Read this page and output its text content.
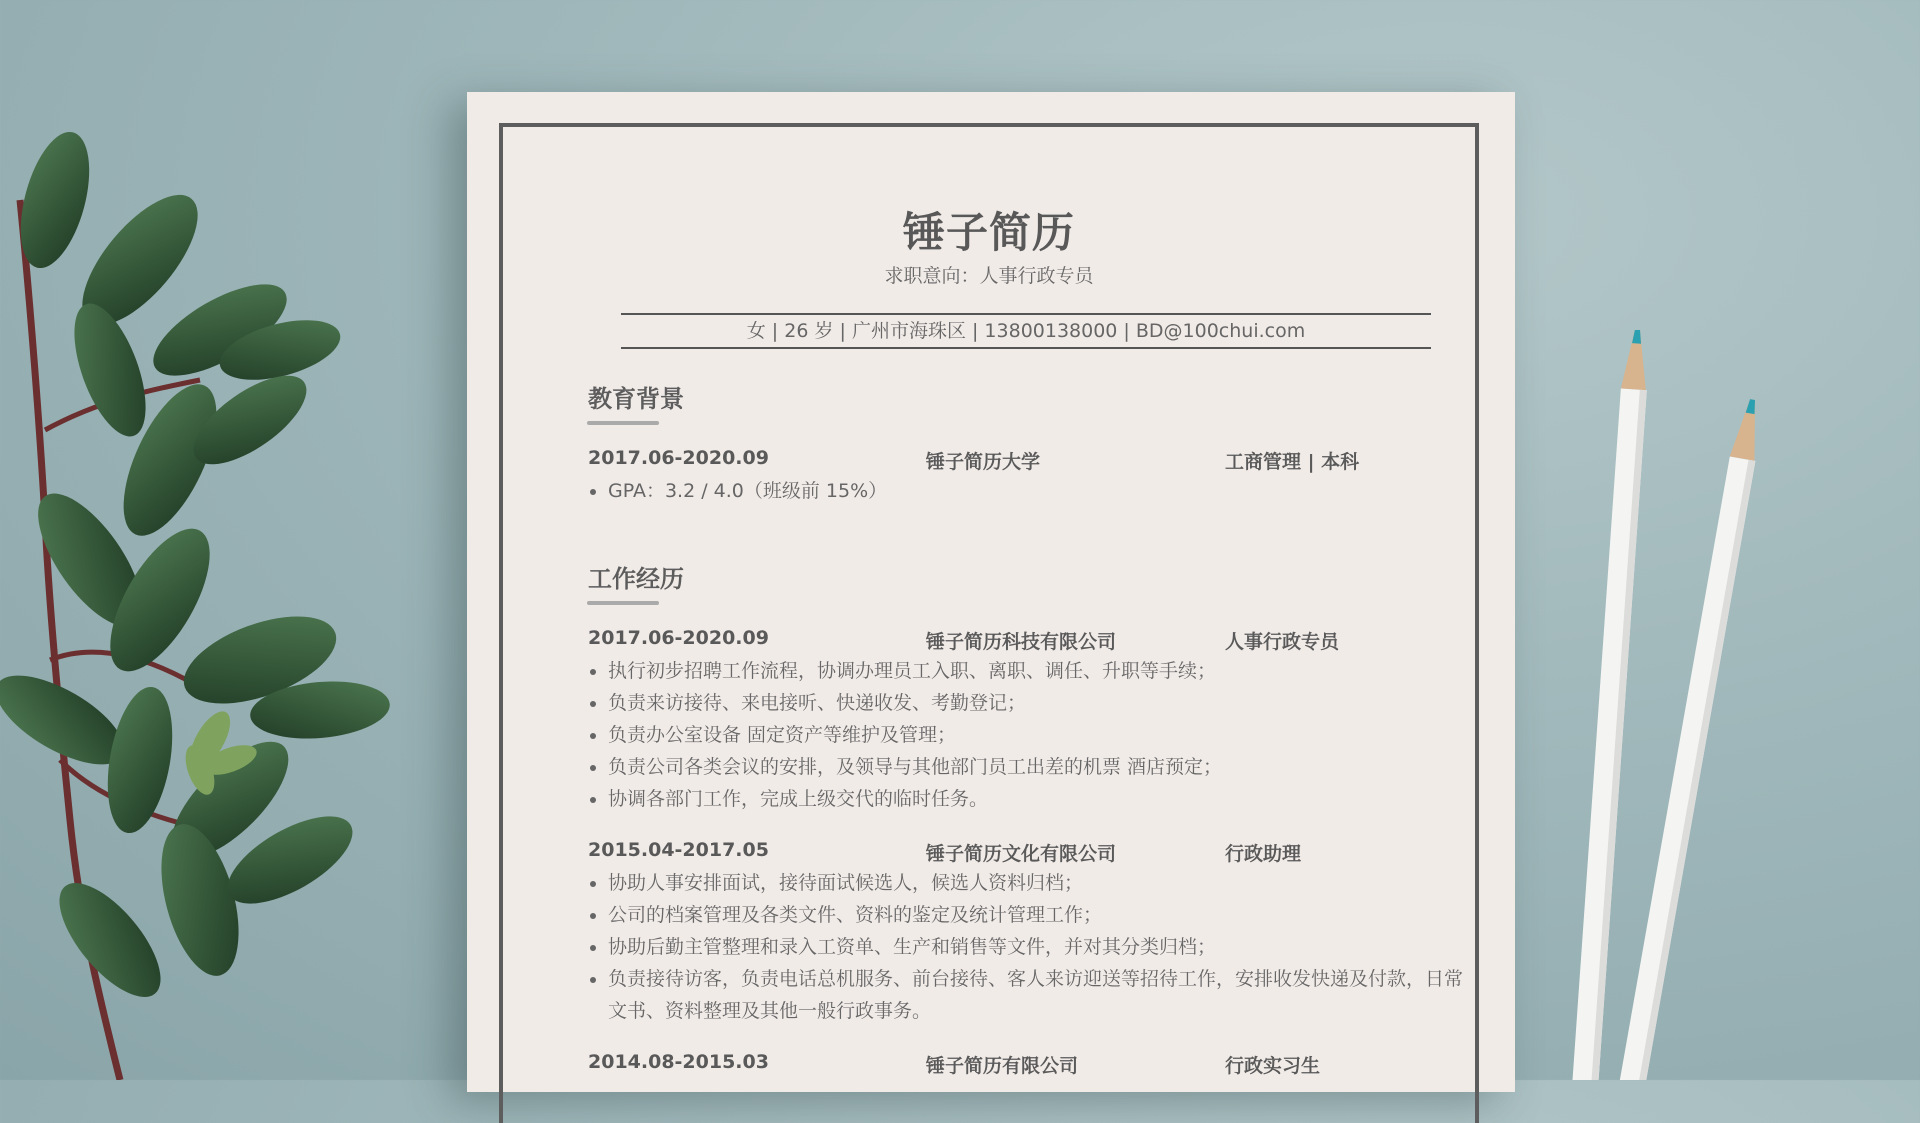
锤子简历
求职意向：人事行政专员
女 | 26 岁 | 广州市海珠区 | 13800138000 | BD@100chui.com
教育背景
2017.06-2020.09	锤子简历大学	工商管理 | 本科
GPA：3.2 / 4.0（班级前 15%）
工作经历
2017.06-2020.09	锤子简历科技有限公司	人事行政专员
执行初步招聘工作流程，协调办理员工入职、离职、调任、升职等手续；
负责来访接待、来电接听、快递收发、考勤登记；
负责办公室设备 固定资产等维护及管理；
负责公司各类会议的安排，及领导与其他部门员工出差的机票 酒店预定；
协调各部门工作，完成上级交代的临时任务。
2015.04-2017.05	锤子简历文化有限公司	行政助理
协助人事安排面试，接待面试候选人，候选人资料归档；
公司的档案管理及各类文件、资料的鉴定及统计管理工作；
协助后勤主管整理和录入工资单、生产和销售等文件，并对其分类归档；
负责接待访客，负责电话总机服务、前台接待、客人来访迎送等招待工作，安排收发快递及付款，日常文书、资料整理及其他一般行政事务。
2014.08-2015.03	锤子简历有限公司	行政实习生
